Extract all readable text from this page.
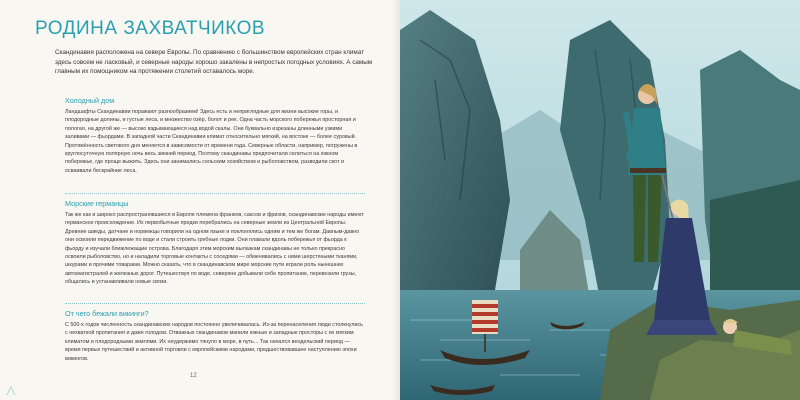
РОДИНА ЗАХВАТЧИКОВ

Скандинавия расположена на севере Европы. По сравнению с большинством европейских стран климат здесь совсем не ласковый, и северные народы хорошо закалены в непростых погодных условиях. А самым главным их помощником на протяжении столетий оставалось море.

Холодный дом

Ландшафты Скандинавии поражают разнообразием! Здесь есть и неприглядные для жизни высокие горы, и плодородные долины, и густые леса, и множество озёр, болот и рек. Одна часть морского побережья просторная и пологая, на другой же — высоко вздымающиеся над водой скалы. Они буквально изрезаны длинными узкими заливами — фьордами. В западной части Скандинавии климат относительно мягкий, на востоке — более суровый. Протяжённость светового дня меняется в зависимости от времени года. Северные области, например, погружены в круглосуточную полярную ночь весь зимний период. Поэтому скандинавы предпочитали селиться на южном побережье, где проще выжить. Здесь они занимались сельским хозяйством и рыболовством, разводили скот и осваивали бескрайние леса.

Морские германцы

Так же как и широко распространявшиеся в Европе племена франков, саксов и фризов, скандинавские народы имеют германское происхождение. Их первобытные предки перебрались на северные земли из Центральной Европы. Древние шведы, датчане и норвежцы говорили на одном языке и поклонялись одним и тем же богам. Давным-давно они освоили передвижение по воде и стали строить гребные лодки. Они плавали вдоль побережья от фьорда к фьорду и изучали ближлежащие острова. Благодаря этим морским вылазкам скандинавы не только прекрасно освоили рыболовство, но и наладили торговые контакты с соседями — обменивались с ними шерстяными тканями, шкурами и прочими товарами. Можно сказать, что в скандинавском мире морские пути играли роль нынешних автомагистралей и железных дорог. Путешествуя по воде, северяне добывали себе пропитание, перевозили грузы, общались и устанавливали новые связи.

От чего бежали викинги?

С 500-х годов численность скандинавских народов постоянно увеличивалась. Из-за перенаселения люди столкнулись с нехваткой пропитания и даже голодом. Отважных скандинавов манили южные и западные просторы с их мягким климатом и плодородными землями. Их неудержимо тянуло в море, в путь... Так начался вендельский период — время первых путешествий и активной торговли с европейскими народами, предшествовавшее наступлению эпохи викингов.

12
